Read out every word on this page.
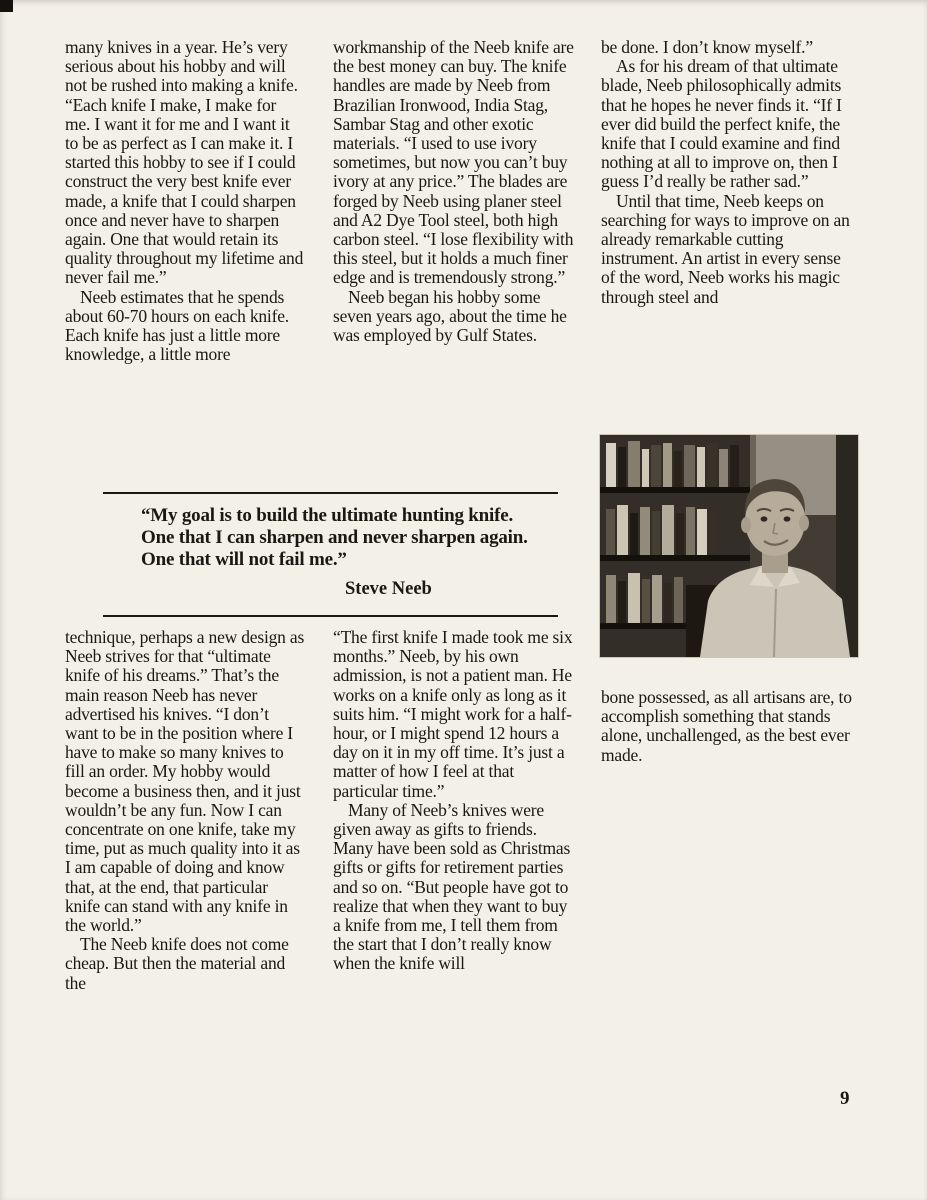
many knives in a year. He’s very serious about his hobby and will not be rushed into making a knife. “Each knife I make, I make for me. I want it for me and I want it to be as perfect as I can make it. I started this hobby to see if I could construct the very best knife ever made, a knife that I could sharpen once and never have to sharpen again. One that would retain its quality throughout my lifetime and never fail me.”

Neeb estimates that he spends about 60-70 hours on each knife. Each knife has just a little more knowledge, a little more

workmanship of the Neeb knife are the best money can buy. The knife handles are made by Neeb from Brazilian Ironwood, India Stag, Sambar Stag and other exotic materials. “I used to use ivory sometimes, but now you can’t buy ivory at any price.” The blades are forged by Neeb using planer steel and A2 Dye Tool steel, both high carbon steel. “I lose flexibility with this steel, but it holds a much finer edge and is tremendously strong.”

Neeb began his hobby some seven years ago, about the time he was employed by Gulf States.

be done. I don’t know myself.”

As for his dream of that ultimate blade, Neeb philosophically admits that he hopes he never finds it. “If I ever did build the perfect knife, the knife that I could examine and find nothing at all to improve on, then I guess I’d really be rather sad.”

Until that time, Neeb keeps on searching for ways to improve on an already remarkable cutting instrument. An artist in every sense of the word, Neeb works his magic through steel and

“My goal is to build the ultimate hunting knife. One that I can sharpen and never sharpen again. One that will not fail me.”

Steve Neeb

technique, perhaps a new design as Neeb strives for that “ultimate knife of his dreams.” That’s the main reason Neeb has never advertised his knives. “I don’t want to be in the position where I have to make so many knives to fill an order. My hobby would become a business then, and it just wouldn’t be any fun. Now I can concentrate on one knife, take my time, put as much quality into it as I am capable of doing and know that, at the end, that particular knife can stand with any knife in the world.”

The Neeb knife does not come cheap. But then the material and the

“The first knife I made took me six months.” Neeb, by his own admission, is not a patient man. He works on a knife only as long as it suits him. “I might work for a half-hour, or I might spend 12 hours a day on it in my off time. It’s just a matter of how I feel at that particular time.”

Many of Neeb’s knives were given away as gifts to friends. Many have been sold as Christmas gifts or gifts for retirement parties and so on. “But people have got to realize that when they want to buy a knife from me, I tell them from the start that I don’t really know when the knife will

bone possessed, as all artisans are, to accomplish something that stands alone, unchallenged, as the best ever made.

9
